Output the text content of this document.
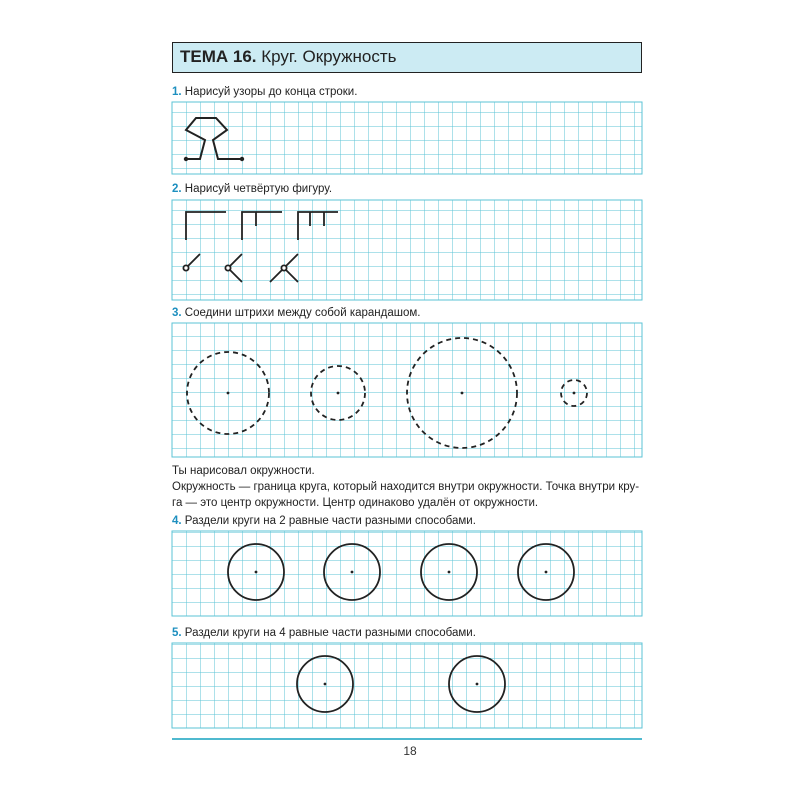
ТЕМА 16. Круг. Окружность
1. Нарисуй узоры до конца строки.
2. Нарисуй четвёртую фигуру.
3. Соедини штрихи между собой карандашом.
Ты нарисовал окружности.
Окружность — граница круга, который находится внутри окружности. Точка внутри кру-
га — это центр окружности. Центр одинаково удалён от окружности.
4. Раздели круги на 2 равные части разными способами.
5. Раздели круги на 4 равные части разными способами.
18
